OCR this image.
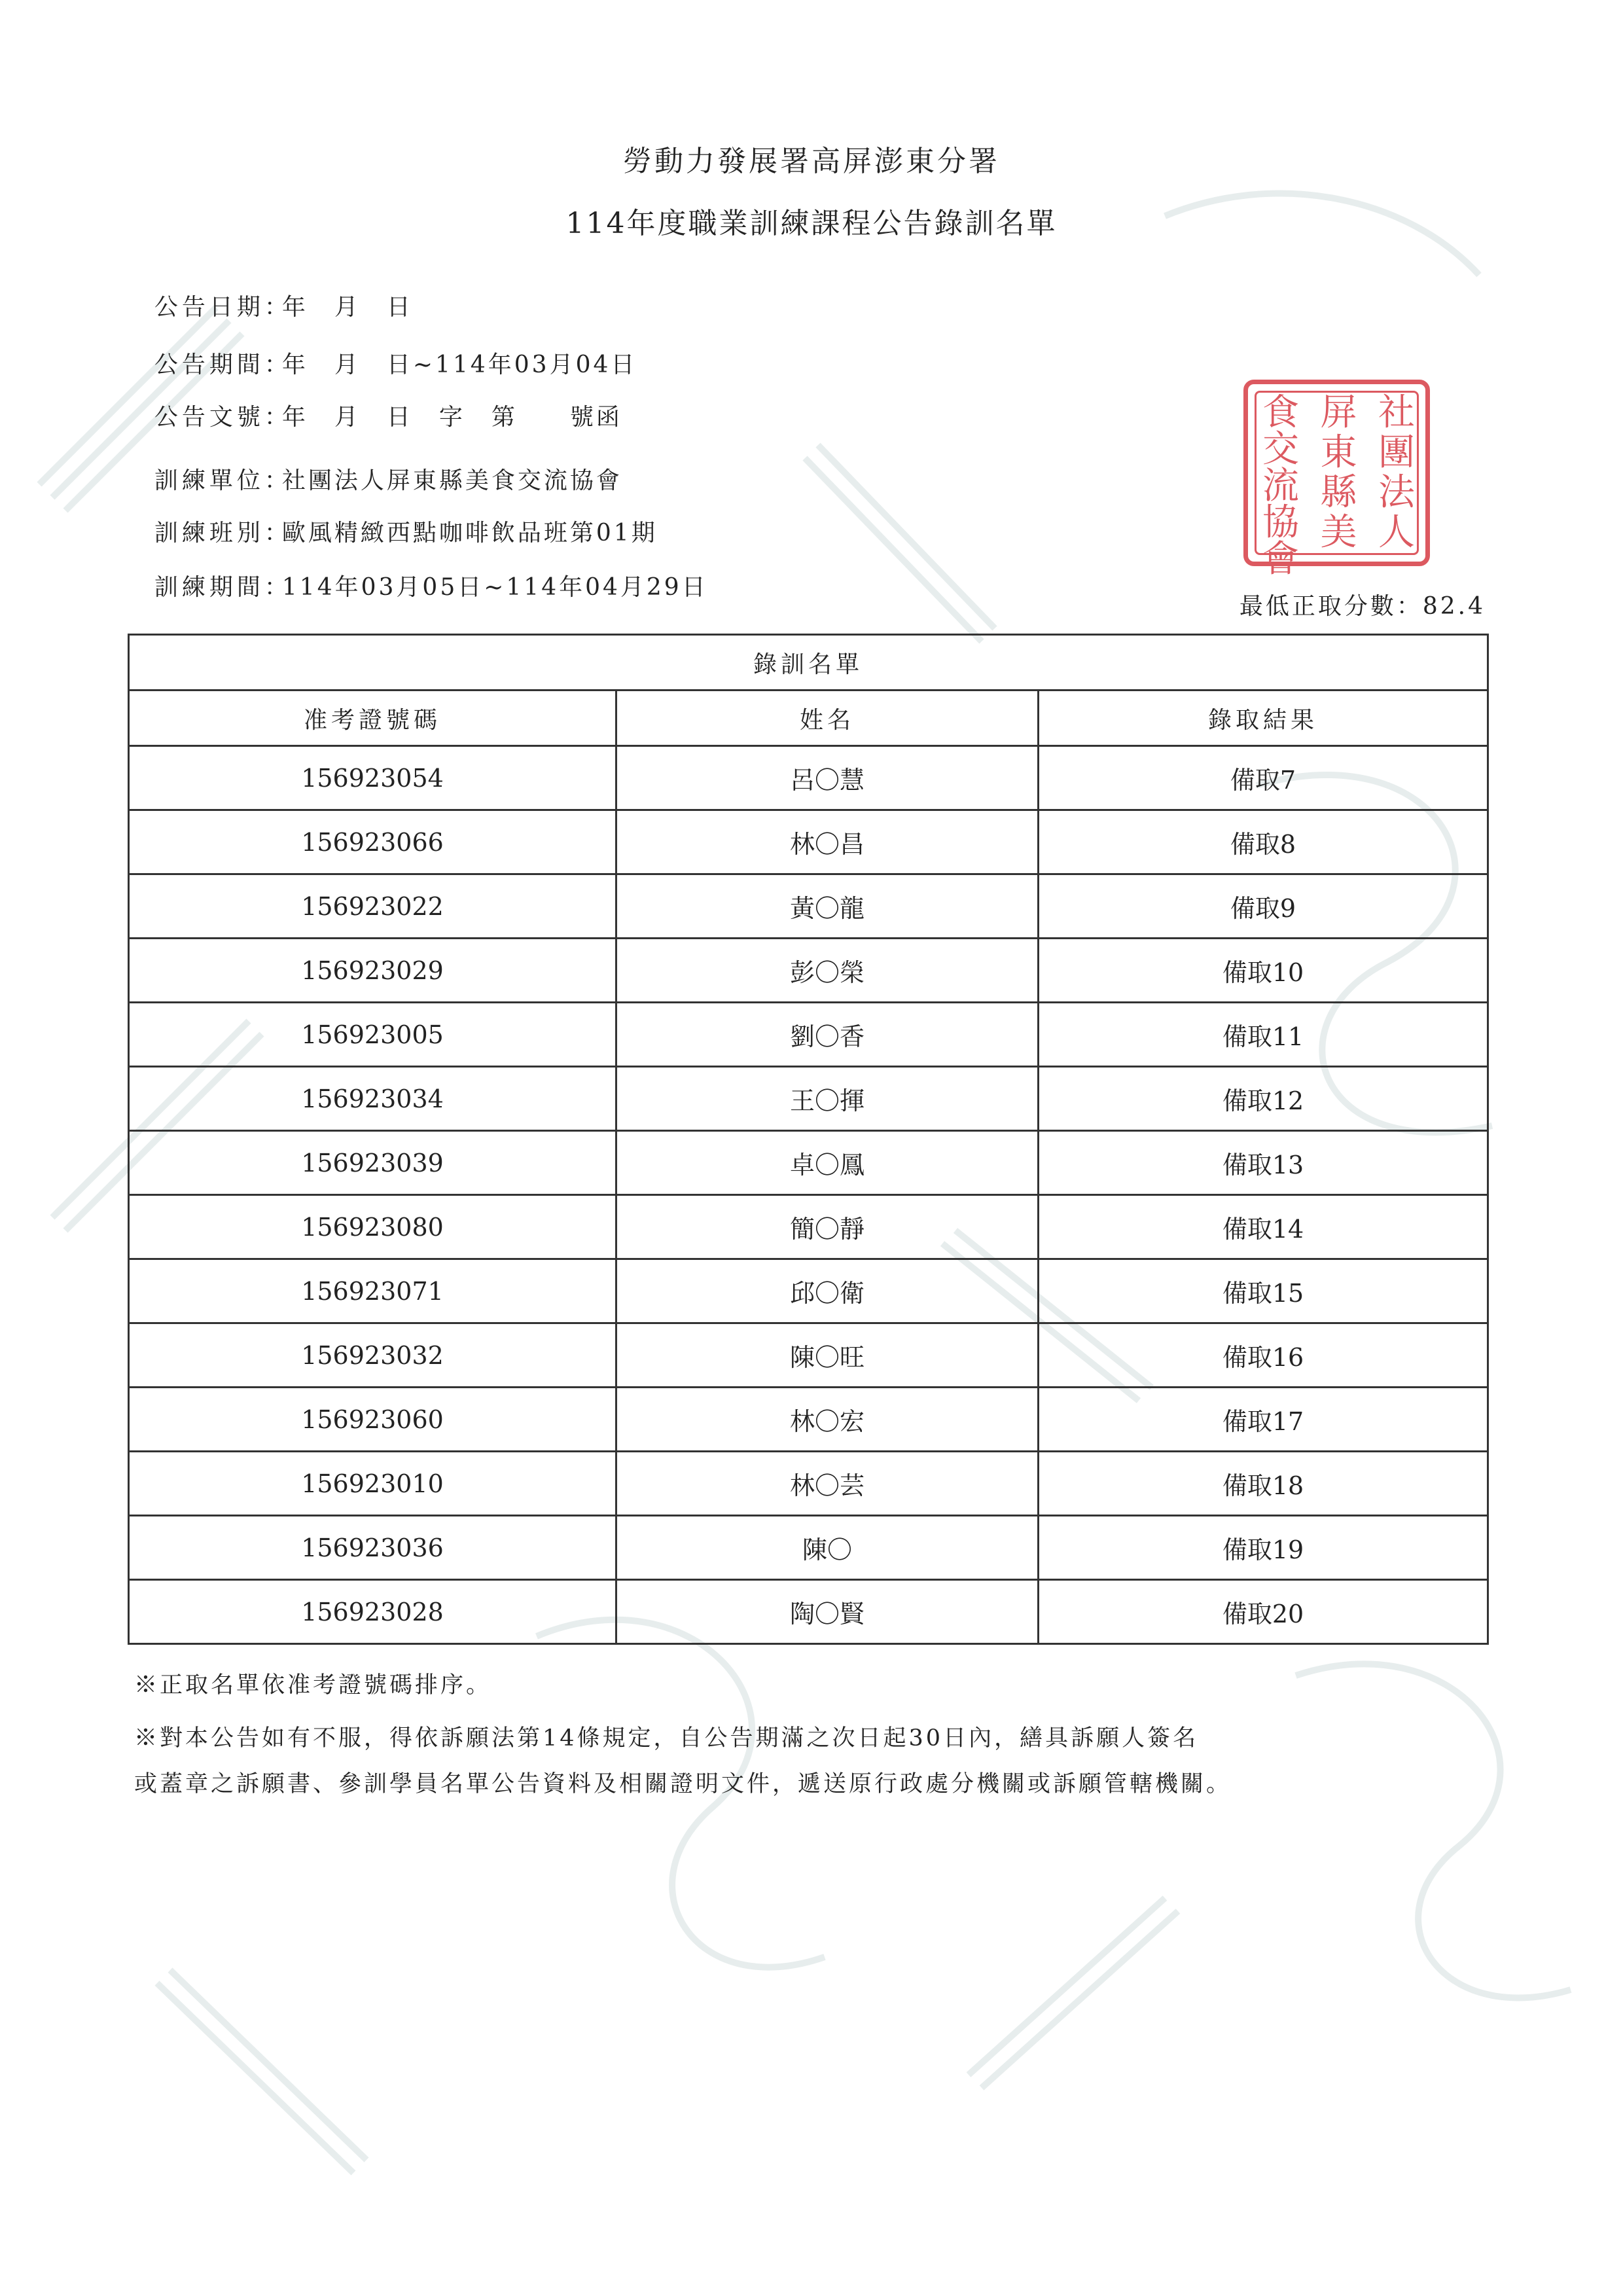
勞動力發展署高屏澎東分署
114年度職業訓練課程公告錄訓名單

公告日期：年　月　日

公告期間：年　月　日~114年03月04日

公告文號：年　月　日　字　第　　號函

訓練單位：社團法人屏東縣美食交流協會

訓練班別：歐風精緻西點咖啡飲品班第01期

訓練期間：114年03月05日~114年04月29日

社
團
法
人
屏
東
縣
美
食
交
流
協
會
最低正取分數：82.4
錄訓名單		
准考證號碼	姓名	錄取結果
156923054	呂〇慧	備取7
156923066	林〇昌	備取8
156923022	黃〇龍	備取9
156923029	彭〇榮	備取10
156923005	劉〇香	備取11
156923034	王〇揮	備取12
156923039	卓〇鳳	備取13
156923080	簡〇靜	備取14
156923071	邱〇衛	備取15
156923032	陳〇旺	備取16
156923060	林〇宏	備取17
156923010	林〇芸	備取18
156923036	陳〇	備取19
156923028	陶〇賢	備取20
※正取名單依准考證號碼排序。
※對本公告如有不服，得依訴願法第14條規定，自公告期滿之次日起30日內，繕具訴願人簽名
或蓋章之訴願書、參訓學員名單公告資料及相關證明文件，遞送原行政處分機關或訴願管轄機關。
